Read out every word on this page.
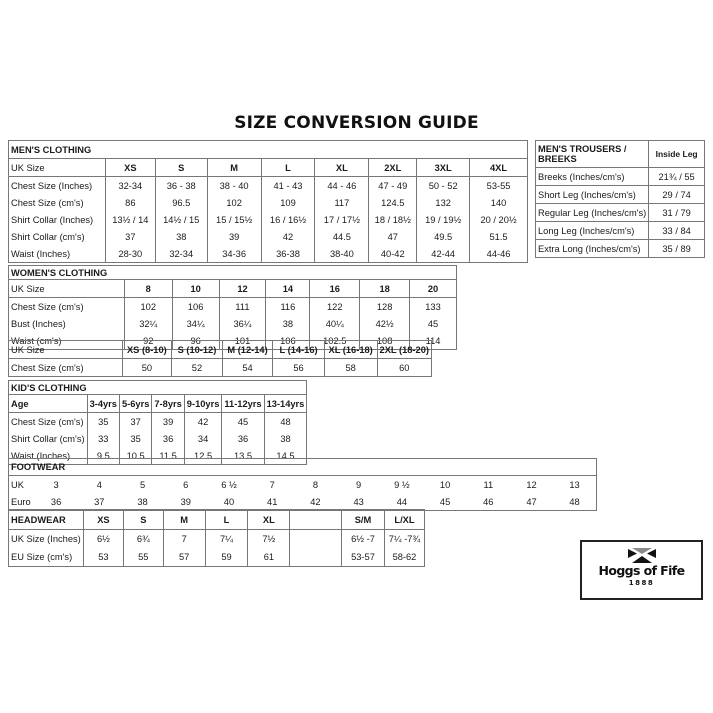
SIZE CONVERSION GUIDE
MEN'S CLOTHING								
UK Size	XS	S	M	L	XL	2XL	3XL	4XL
Chest Size (Inches)	32-34	36 - 38	38 - 40	41 - 43	44 - 46	47 - 49	50 - 52	53-55
Chest Size (cm's)	86	96.5	102	109	117	124.5	132	140
Shirt Collar (Inches)	13½ / 14	14½ / 15	15 / 15½	16 / 16½	17 / 17½	18 / 18½	19 / 19½	20 / 20½
Shirt Collar (cm's)	37	38	39	42	44.5	47	49.5	51.5
Waist (Inches)	28-30	32-34	34-36	36-38	38-40	40-42	42-44	44-46
MEN'S TROUSERS /
BREEKS	Inside Leg
Breeks (Inches/cm's)	21¾ / 55
Short Leg (Inches/cm's)	29 / 74
Regular Leg (Inches/cm's)	31 / 79
Long Leg (Inches/cm's)	33 / 84
Extra Long (Inches/cm's)	35 / 89
WOMEN'S CLOTHING							
UK Size	8	10	12	14	16	18	20
Chest Size (cm's)	102	106	111	116	122	128	133
Bust (Inches)	32¼	34¼	36¼	38	40¼	42½	45
Waist (cm's)	92	96	101	106	102.5	108	114
UK Size	XS (8-10)	S (10-12)	M (12-14)	L (14-16)	XL (16-18)	2XL (18-20)
Chest Size (cm's)	50	52	54	56	58	60
KID'S CLOTHING						
Age	3-4yrs	5-6yrs	7-8yrs	9-10yrs	11-12yrs	13-14yrs
Chest Size (cm's)	35	37	39	42	45	48
Shirt Collar (cm's)	33	35	36	34	36	38
Waist (Inches)	9.5	10.5	11.5	12.5	13.5	14.5
FOOTWEAR													
UK	3	4	5	6	6 ½	7	8	9	9 ½	10	11	12	13
Euro	36	37	38	39	40	41	42	43	44	45	46	47	48
HEADWEAR	XS	S	M	L	XL		S/M	L/XL
UK Size (Inches)	6½	6¾	7	7¼	7½		6½ -7	7¼ -7¾
EU Size (cm's)	53	55	57	59	61		53-57	58-62
Hoggs of Fife
1888
